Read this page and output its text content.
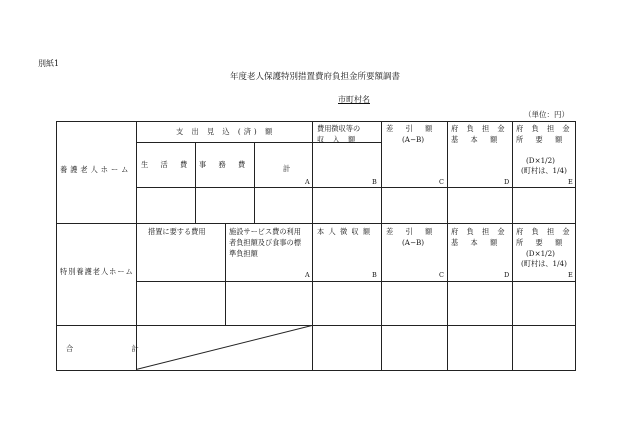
別紙1
年度老人保護特別措置費府負担金所要額調書
市町村名
（単位：円）
養護老人ホーム
支 出 見 込 (済) 額
生 活 費 事 務 費	計
A
費用徴収等の
収 入 額
B
差 引 額
(A−B)
C
府 負 担 金
基 本 額
D
府 負 担 金
所 要 額
(D×1/2)
(町村は、1/4)
E
特別養護老人ホーム
措置に要する費用	施設サービス費の利用
者負担額及び食事の標
準負担額
A
本 人 徴 収 額
B
差 引 額
(A−B)
C
府 負 担 金
基 本 額
D
府 負 担 金
所 要 額
(D×1/2)
(町村は、1/4)
E
合 計
